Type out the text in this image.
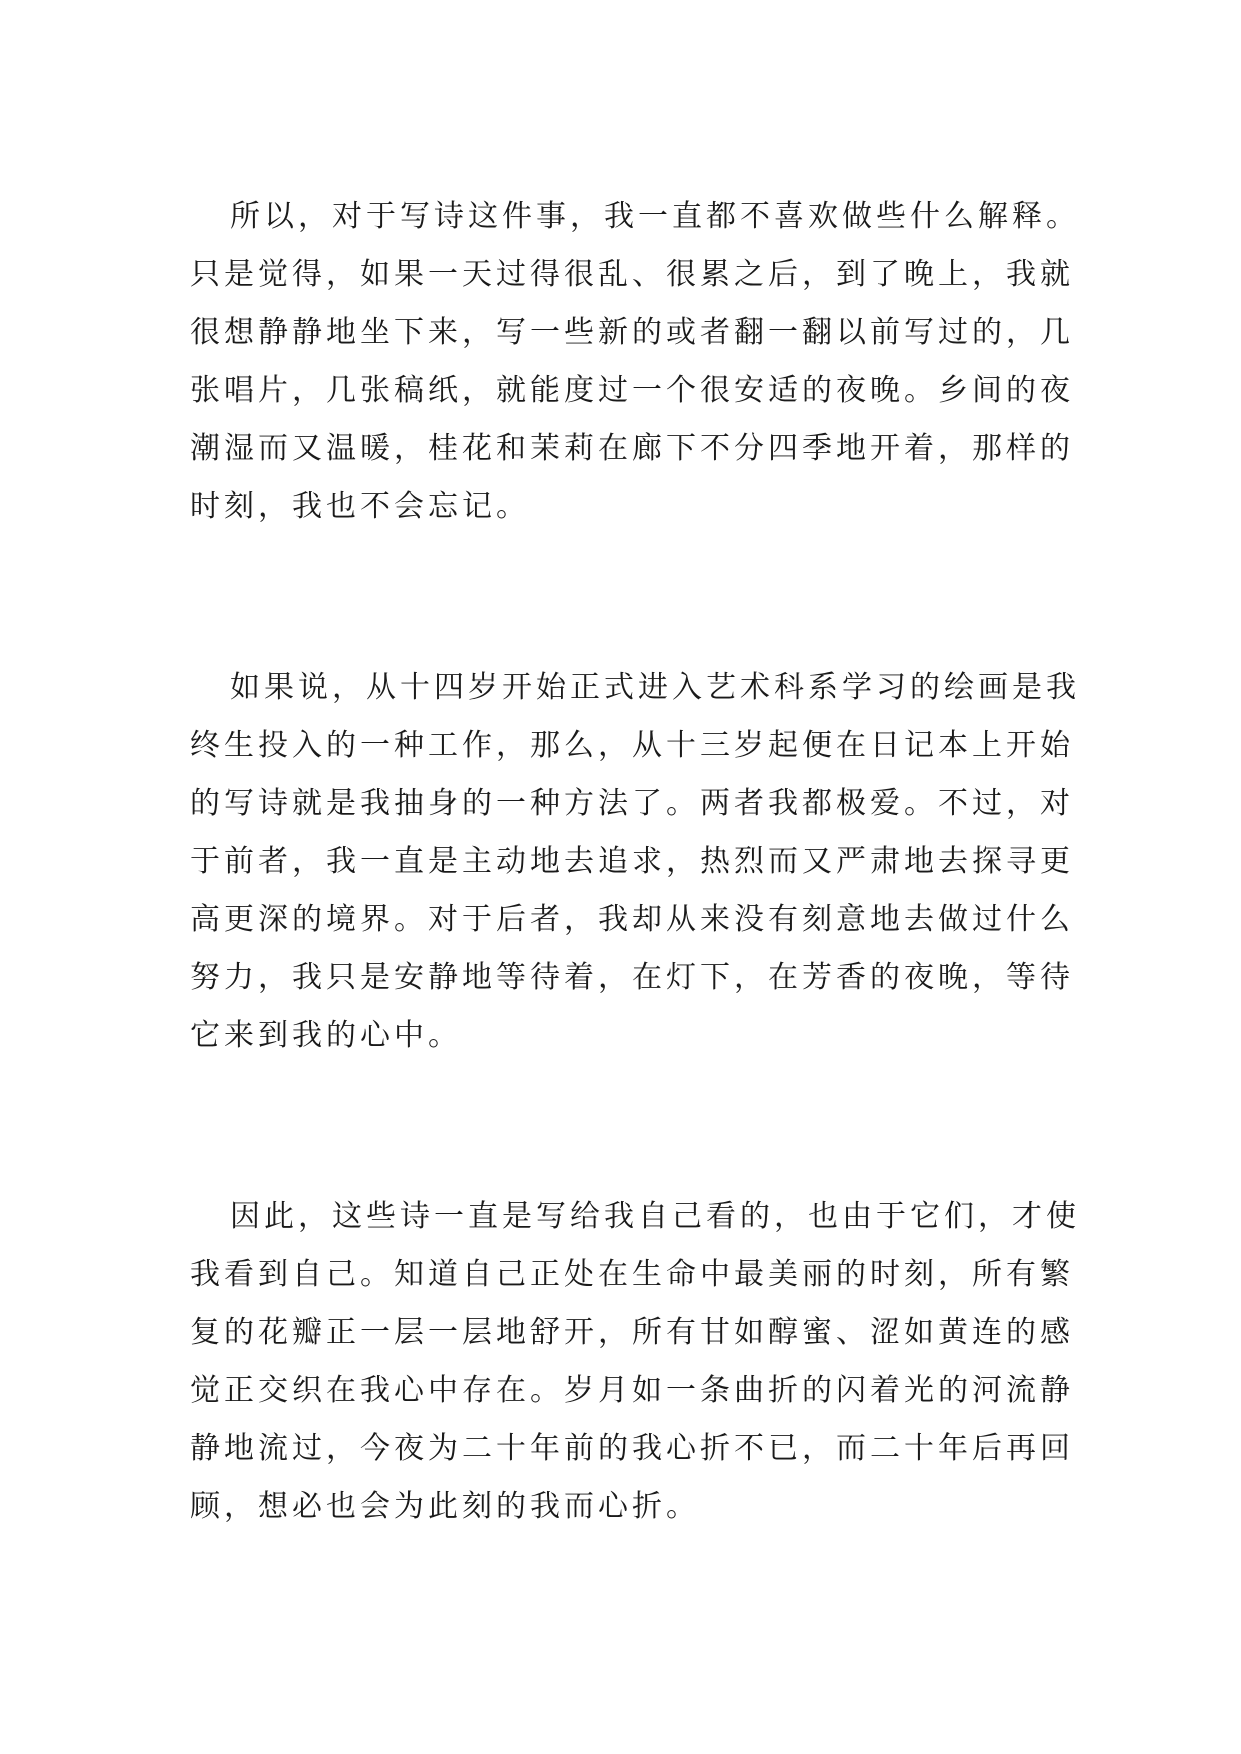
所以，对于写诗这件事，我一直都不喜欢做些什么解释。
只是觉得，如果一天过得很乱、很累之后，到了晚上，我就
很想静静地坐下来，写一些新的或者翻一翻以前写过的，几
张唱片，几张稿纸，就能度过一个很安适的夜晚。乡间的夜
潮湿而又温暖，桂花和茉莉在廊下不分四季地开着，那样的
时刻，我也不会忘记。
如果说，从十四岁开始正式进入艺术科系学习的绘画是我
终生投入的一种工作，那么，从十三岁起便在日记本上开始
的写诗就是我抽身的一种方法了。两者我都极爱。不过，对
于前者，我一直是主动地去追求，热烈而又严肃地去探寻更
高更深的境界。对于后者，我却从来没有刻意地去做过什么
努力，我只是安静地等待着，在灯下，在芳香的夜晚，等待
它来到我的心中。
因此，这些诗一直是写给我自己看的，也由于它们，才使
我看到自己。知道自己正处在生命中最美丽的时刻，所有繁
复的花瓣正一层一层地舒开，所有甘如醇蜜、涩如黄连的感
觉正交织在我心中存在。岁月如一条曲折的闪着光的河流静
静地流过，今夜为二十年前的我心折不已，而二十年后再回
顾，想必也会为此刻的我而心折。
